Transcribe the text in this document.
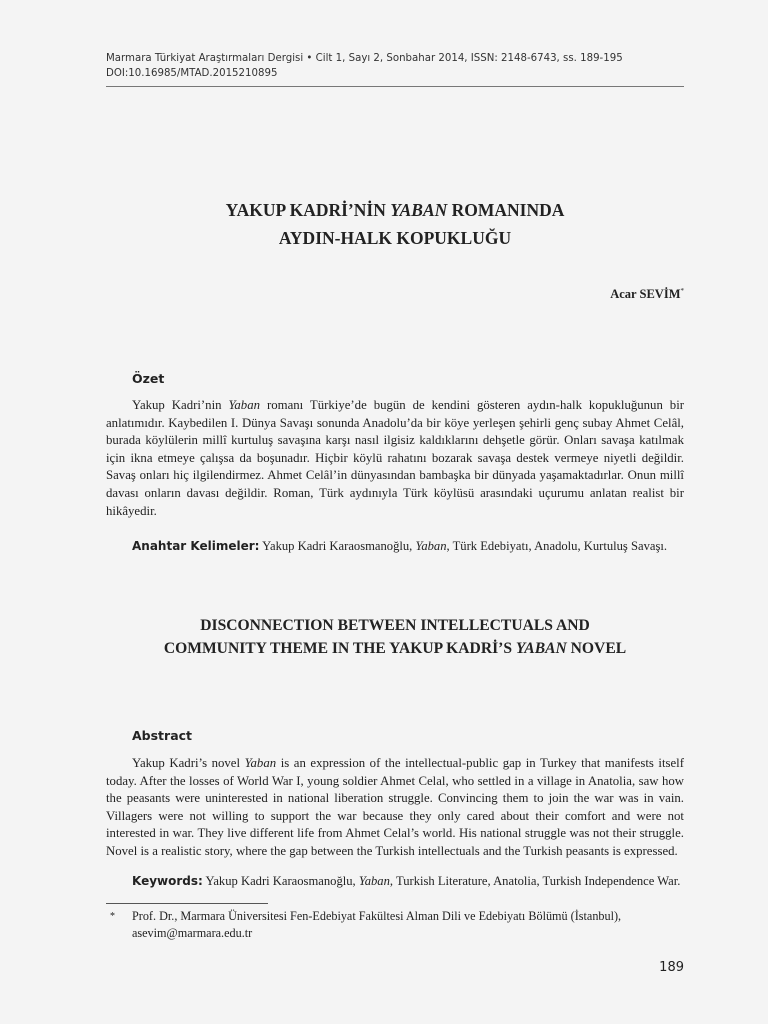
Marmara Türkiyat Araştırmaları Dergisi • Cilt 1, Sayı 2, Sonbahar 2014, ISSN: 2148-6743, ss. 189-195
DOI:10.16985/MTAD.2015210895
YAKUP KADRİ’NİN YABAN ROMANINDA
AYDIN-HALK KOPUKLUĞU
Acar SEVİM*
Özet

Yakup Kadri’nin Yaban romanı Türkiye’de bugün de kendini gösteren aydın-halk kopukluğunun bir anlatımıdır. Kaybedilen I. Dünya Savaşı sonunda Anadolu’da bir köye yerleşen şehirli genç subay Ahmet Celâl, burada köylülerin millî kurtuluş savaşına karşı nasıl ilgisiz kaldıklarını dehşetle görür. Onları savaşa katılmak için ikna etmeye çalışsa da boşunadır. Hiçbir köylü rahatını bozarak savaşa destek vermeye niyetli değildir. Savaş onları hiç ilgilendirmez. Ahmet Celâl’in dünyasından bambaşka bir dünyada yaşamaktadırlar. Onun millî davası onların davası değildir. Roman, Türk aydınıyla Türk köylüsü arasındaki uçurumu anlatan realist bir hikâyedir.

Anahtar Kelimeler: Yakup Kadri Karaosmanoğlu, Yaban, Türk Edebiyatı, Anadolu, Kurtuluş Savaşı.
DISCONNECTION BETWEEN INTELLECTUALS AND
COMMUNITY THEME IN THE YAKUP KADRİ’S YABAN NOVEL
Abstract

Yakup Kadri’s novel Yaban is an expression of the intellectual-public gap in Turkey that manifests itself today. After the losses of World War I, young soldier Ahmet Celal, who settled in a village in Anatolia, saw how the peasants were uninterested in national liberation struggle. Convincing them to join the war was in vain. Villagers were not willing to support the war because they only cared about their comfort and were not interested in war. They live different life from Ahmet Celal’s world. His national struggle was not their struggle. Novel is a realistic story, where the gap between the Turkish intellectuals and the Turkish peasants is expressed.

Keywords: Yakup Kadri Karaosmanoğlu, Yaban, Turkish Literature, Anatolia, Turkish Independence War.
* Prof. Dr., Marmara Üniversitesi Fen-Edebiyat Fakültesi Alman Dili ve Edebiyatı Bölümü (İstanbul), asevim@marmara.edu.tr
189
